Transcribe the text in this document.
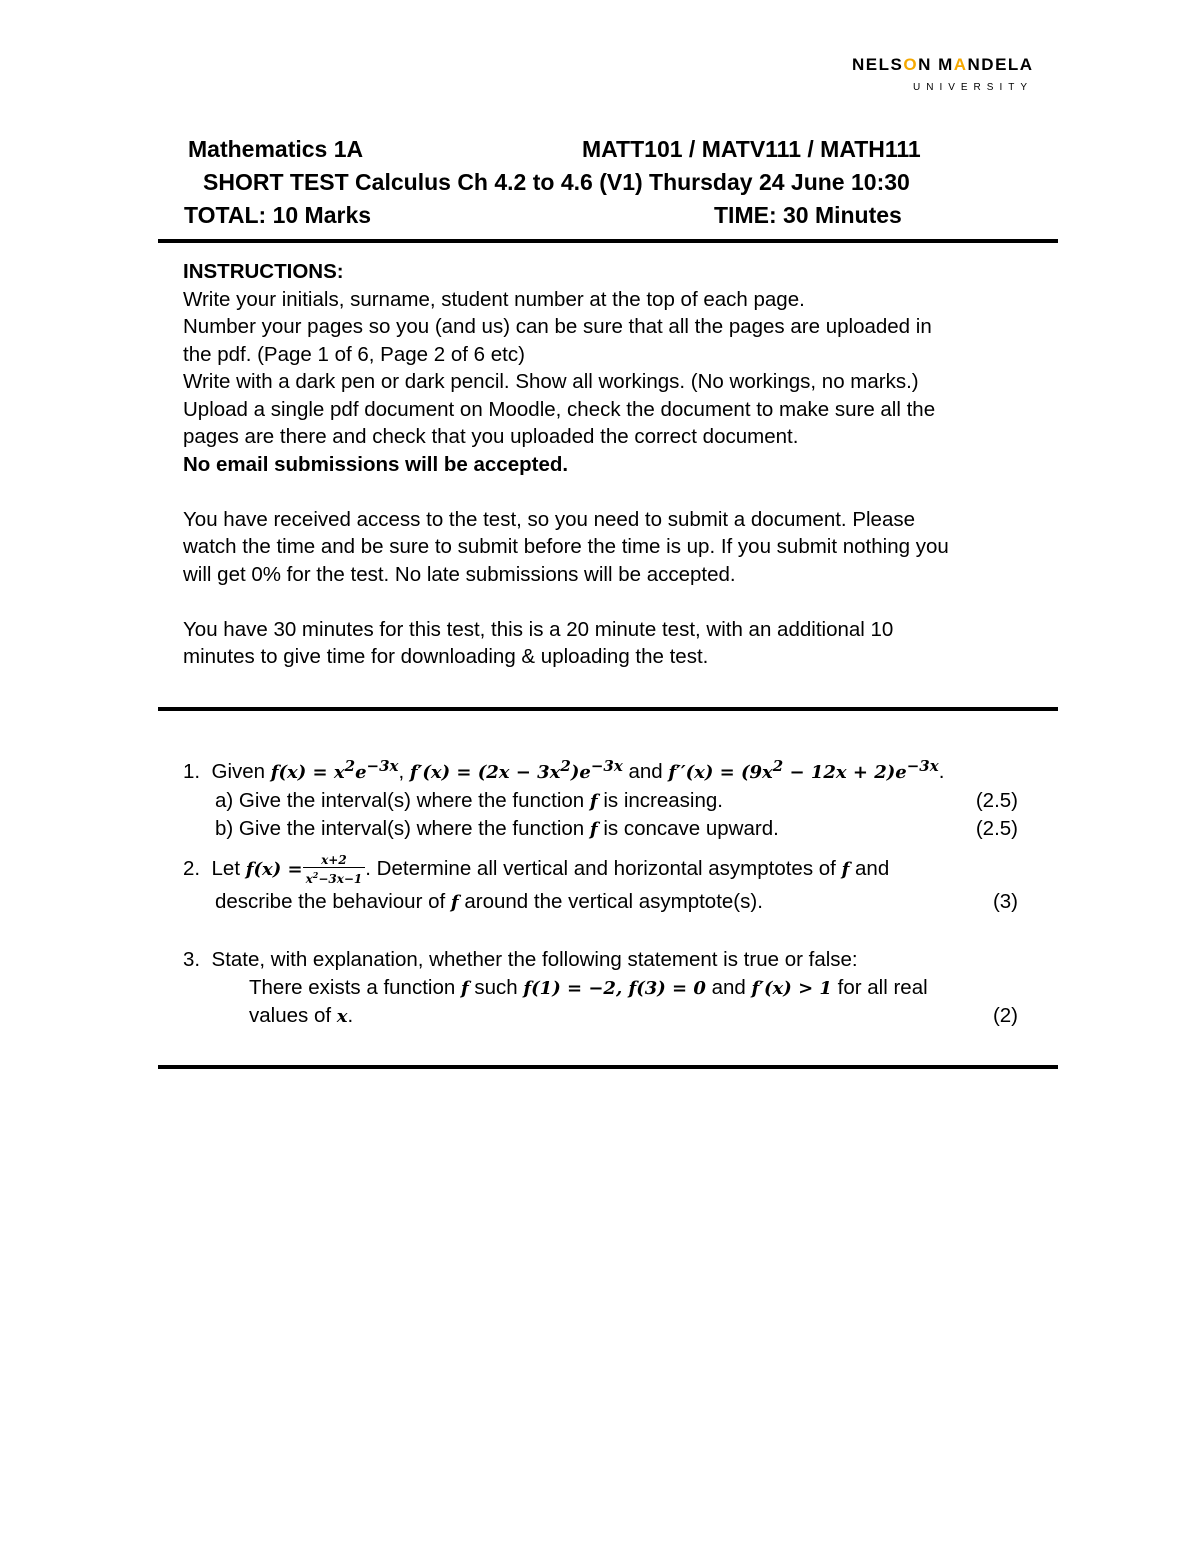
NELSON MANDELA
UNIVERSITY
Mathematics 1A	MATT101 / MATV111 / MATH111
SHORT TEST Calculus Ch 4.2 to 4.6 (V1) Thursday 24 June 10:30
TOTAL: 10 Marks	TIME: 30 Minutes
INSTRUCTIONS:
Write your initials, surname, student number at the top of each page.
Number your pages so you (and us) can be sure that all the pages are uploaded in
the pdf. (Page 1 of 6, Page 2 of 6 etc)
Write with a dark pen or dark pencil. Show all workings. (No workings, no marks.)
Upload a single pdf document on Moodle, check the document to make sure all the
pages are there and check that you uploaded the correct document.
No email submissions will be accepted.
You have received access to the test, so you need to submit a document. Please
watch the time and be sure to submit before the time is up. If you submit nothing you
will get 0% for the test. No late submissions will be accepted.
You have 30 minutes for this test, this is a 20 minute test, with an additional 10
minutes to give time for downloading & uploading the test.
1. Given $f(x) = x^2e^{-3x}$, $f'(x) = (2x - 3x^2)e^{-3x}$ and $f''(x) = (9x^2 - 12x + 2)e^{-3x}$.
a) Give the interval(s) where the function f is increasing.	(2.5)
b) Give the interval(s) where the function f is concave upward.	(2.5)
2. Let $f(x) = \frac{x+2}{x^2-3x-1}$ . Determine all vertical and horizontal asymptotes of f and
describe the behaviour of f around the vertical asymptote(s).	(3)
3. State, with explanation, whether the following statement is true or false:
There exists a function f such f(1) = −2, f(3) = 0 and f′(x) > 1 for all real
values of x.	(2)
